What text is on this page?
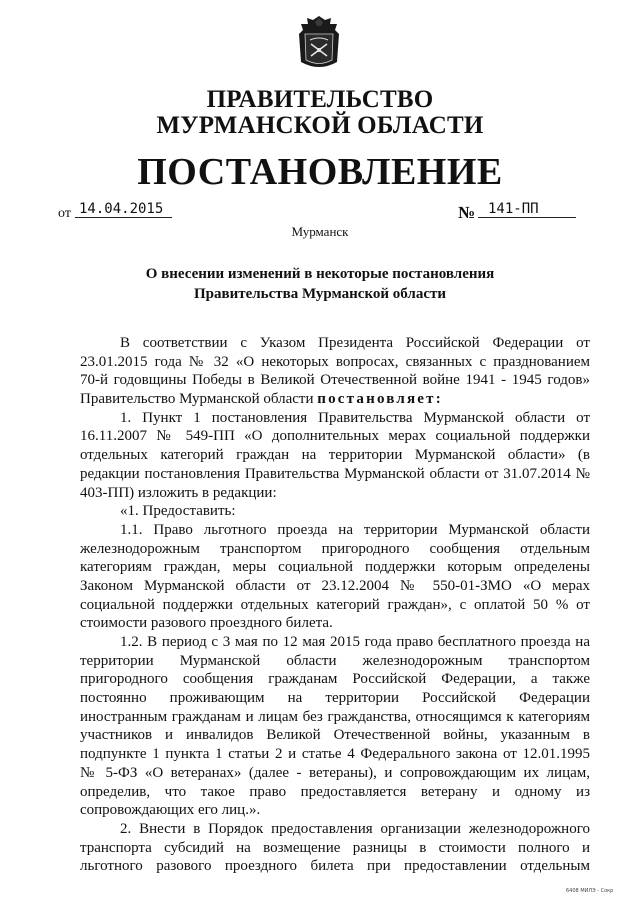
ПРАВИТЕЛЬСТВО
МУРМАНСКОЙ ОБЛАСТИ
ПОСТАНОВЛЕНИЕ
от 14.04.2015	№ 141-ПП
Мурманск
О внесении изменений в некоторые постановления
Правительства Мурманской области
В соответствии с Указом Президента Российской Федерации от
23.01.2015 года № 32 «О некоторых вопросах, связанных с празднованием
70-й годовщины Победы в Великой Отечественной войне 1941 - 1945 годов»
Правительство Мурманской области постановляет:
1. Пункт 1 постановления Правительства Мурманской области от
16.11.2007 № 549-ПП «О дополнительных мерах социальной поддержки
отдельных категорий граждан на территории Мурманской области» (в
редакции постановления Правительства Мурманской области от 31.07.2014 №
403-ПП) изложить в редакции:
«1. Предоставить:
1.1. Право льготного проезда на территории Мурманской области
железнодорожным транспортом пригородного сообщения отдельным
категориям граждан, меры социальной поддержки которым определены
Законом Мурманской области от 23.12.2004 № 550-01-ЗМО «О мерах
социальной поддержки отдельных категорий граждан», с оплатой 50 % от
стоимости разового проездного билета.
1.2. В период с 3 мая по 12 мая 2015 года право бесплатного проезда на
территории Мурманской области железнодорожным транспортом
пригородного сообщения гражданам Российской Федерации, а также
постоянно проживающим на территории Российской Федерации
иностранным гражданам и лицам без гражданства, относящимся к категориям
участников и инвалидов Великой Отечественной войны, указанным в
подпункте 1 пункта 1 статьи 2 и статье 4 Федерального закона от 12.01.1995
№ 5-ФЗ «О ветеранах» (далее - ветераны), и сопровождающим их лицам,
определив, что такое право предоставляется ветерану и одному из
сопровождающих его лиц.».
2. Внести в Порядок предоставления организации железнодорожного
транспорта субсидий на возмещение разницы в стоимости полного и
льготного разового проездного билета при предоставлении отдельным
6408 МИЛЭ - Сокр
